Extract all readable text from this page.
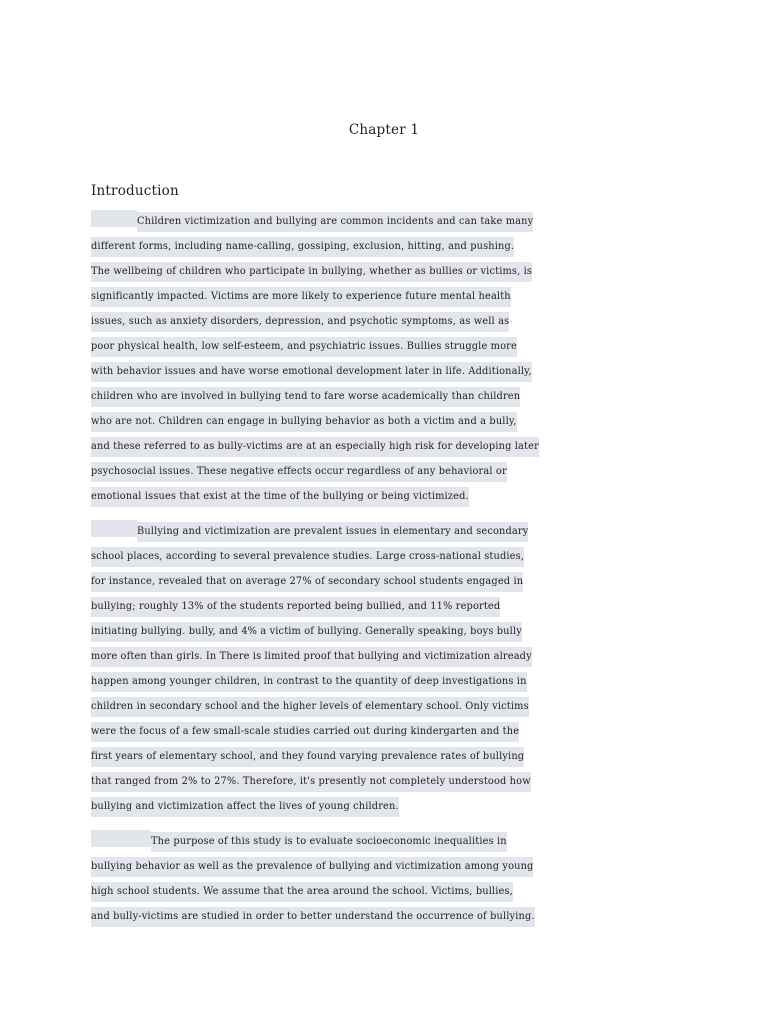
Chapter 1
Introduction
Children victimization and bullying are common incidents and can take many
different forms, including name-calling, gossiping, exclusion, hitting, and pushing.
The wellbeing of children who participate in bullying, whether as bullies or victims, is
significantly impacted. Victims are more likely to experience future mental health
issues, such as anxiety disorders, depression, and psychotic symptoms, as well as
poor physical health, low self-esteem, and psychiatric issues. Bullies struggle more
with behavior issues and have worse emotional development later in life. Additionally,
children who are involved in bullying tend to fare worse academically than children
who are not. Children can engage in bullying behavior as both a victim and a bully,
and these referred to as bully-victims are at an especially high risk for developing later
psychosocial issues. These negative effects occur regardless of any behavioral or
emotional issues that exist at the time of the bullying or being victimized.
Bullying and victimization are prevalent issues in elementary and secondary
school places, according to several prevalence studies. Large cross-national studies,
for instance, revealed that on average 27% of secondary school students engaged in
bullying; roughly 13% of the students reported being bullied, and 11% reported
initiating bullying. bully, and 4% a victim of bullying. Generally speaking, boys bully
more often than girls. In There is limited proof that bullying and victimization already
happen among younger children, in contrast to the quantity of deep investigations in
children in secondary school and the higher levels of elementary school. Only victims
were the focus of a few small-scale studies carried out during kindergarten and the
first years of elementary school, and they found varying prevalence rates of bullying
that ranged from 2% to 27%. Therefore, it's presently not completely understood how
bullying and victimization affect the lives of young children.
The purpose of this study is to evaluate socioeconomic inequalities in
bullying behavior as well as the prevalence of bullying and victimization among young
high school students. We assume that the area around the school. Victims, bullies,
and bully-victims are studied in order to better understand the occurrence of bullying.
